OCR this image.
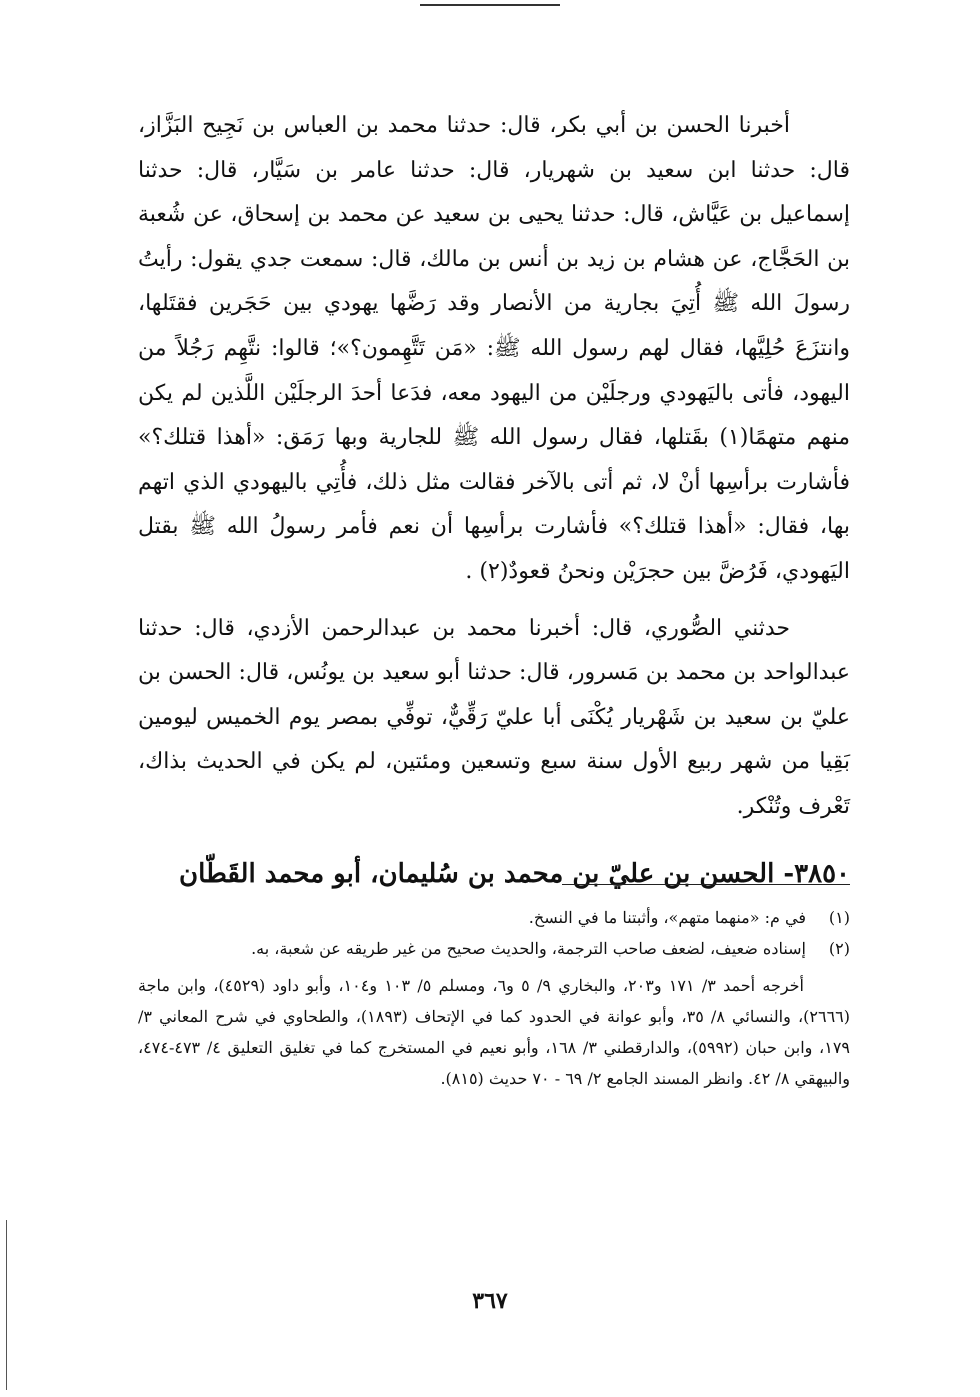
أخبرنا الحسن بن أبي بكر، قال: حدثنا محمد بن العباس بن نَجِيح البَزَّاز، قال: حدثنا ابن سعيد بن شهريار، قال: حدثنا عامر بن سَيَّار، قال: حدثنا إسماعيل بن عَيَّاش، قال: حدثنا يحيى بن سعيد عن محمد بن إسحاق، عن شُعبة بن الحَجَّاج، عن هشام بن زيد بن أنس بن مالك، قال: سمعت جدي يقول: رأيتُ رسولَ الله ﷺ أُتِيَ بجارية من الأنصار وقد رَضَّها يهودي بين حَجَرين فقتَلها، وانتزَعَ حُلِيَّها، فقال لهم رسول الله ﷺ: «مَن تَتَّهِمون؟»؛ قالوا: نتَّهِم رَجُلاً من اليهود، فأتى باليَهودي ورجلَيْن من اليهود معه، فدَعا أحدَ الرجلَيْن اللَّذين لم يكن منهم متهمًا(١) بقَتلها، فقال رسول الله ﷺ للجارية وبها رَمَق: «أهذا قتلك؟» فأشارت برأسِها أنْ لا، ثم أتى بالآخر فقالت مثل ذلك، فأُتِي باليهودي الذي اتهم بها، فقال: «أهذا قتلك؟» فأشارت برأسِها أن نعم فأمر رسولُ الله ﷺ بقتل اليَهودي، فَرُضَّ بين حجرَيْن ونحنُ قعودٌ(٢) .

حدثني الصُّوري، قال: أخبرنا محمد بن عبدالرحمن الأزدي، قال: حدثنا عبدالواحد بن محمد بن مَسرور، قال: حدثنا أبو سعيد بن يونُس، قال: الحسن بن عليّ بن سعيد بن شَهْريار يُكْنَى أبا عليّ رَقِّيٌّ، توفِّي بمصر يوم الخميس ليومين بَقِيا من شهر ربيع الأول سنة سبع وتسعين ومئتين، لم يكن في الحديث بذاك، تَعْرف وتُنْكر.

٣٨٥٠- الحسن بن عليّ بن محمد بن سُليمان، أبو محمد القَطّان

(١)
في م: «منهما متهم»، وأثبتنا ما في النسخ.
(٢)
إسناده ضعيف، لضعف صاحب الترجمة، والحديث صحيح من غير طريقه عن شعبة، به.

أخرجه أحمد ٣/ ١٧١ و٢٠٣، والبخاري ٩/ ٥ و٦، ومسلم ٥/ ١٠٣ و١٠٤، وأبو داود (٤٥٢٩)، وابن ماجة (٢٦٦٦)، والنسائي ٨/ ٣٥، وأبو عوانة في الحدود كما في الإتحاف (١٨٩٣)، والطحاوي في شرح المعاني ٣/ ١٧٩، وابن حبان (٥٩٩٢)، والدارقطني ٣/ ١٦٨، وأبو نعيم في المستخرج كما في تغليق التعليق ٤/ ٤٧٣-٤٧٤، والبيهقي ٨/ ٤٢. وانظر المسند الجامع ٢/ ٦٩ - ٧٠ حديث (٨١٥).

٣٦٧
